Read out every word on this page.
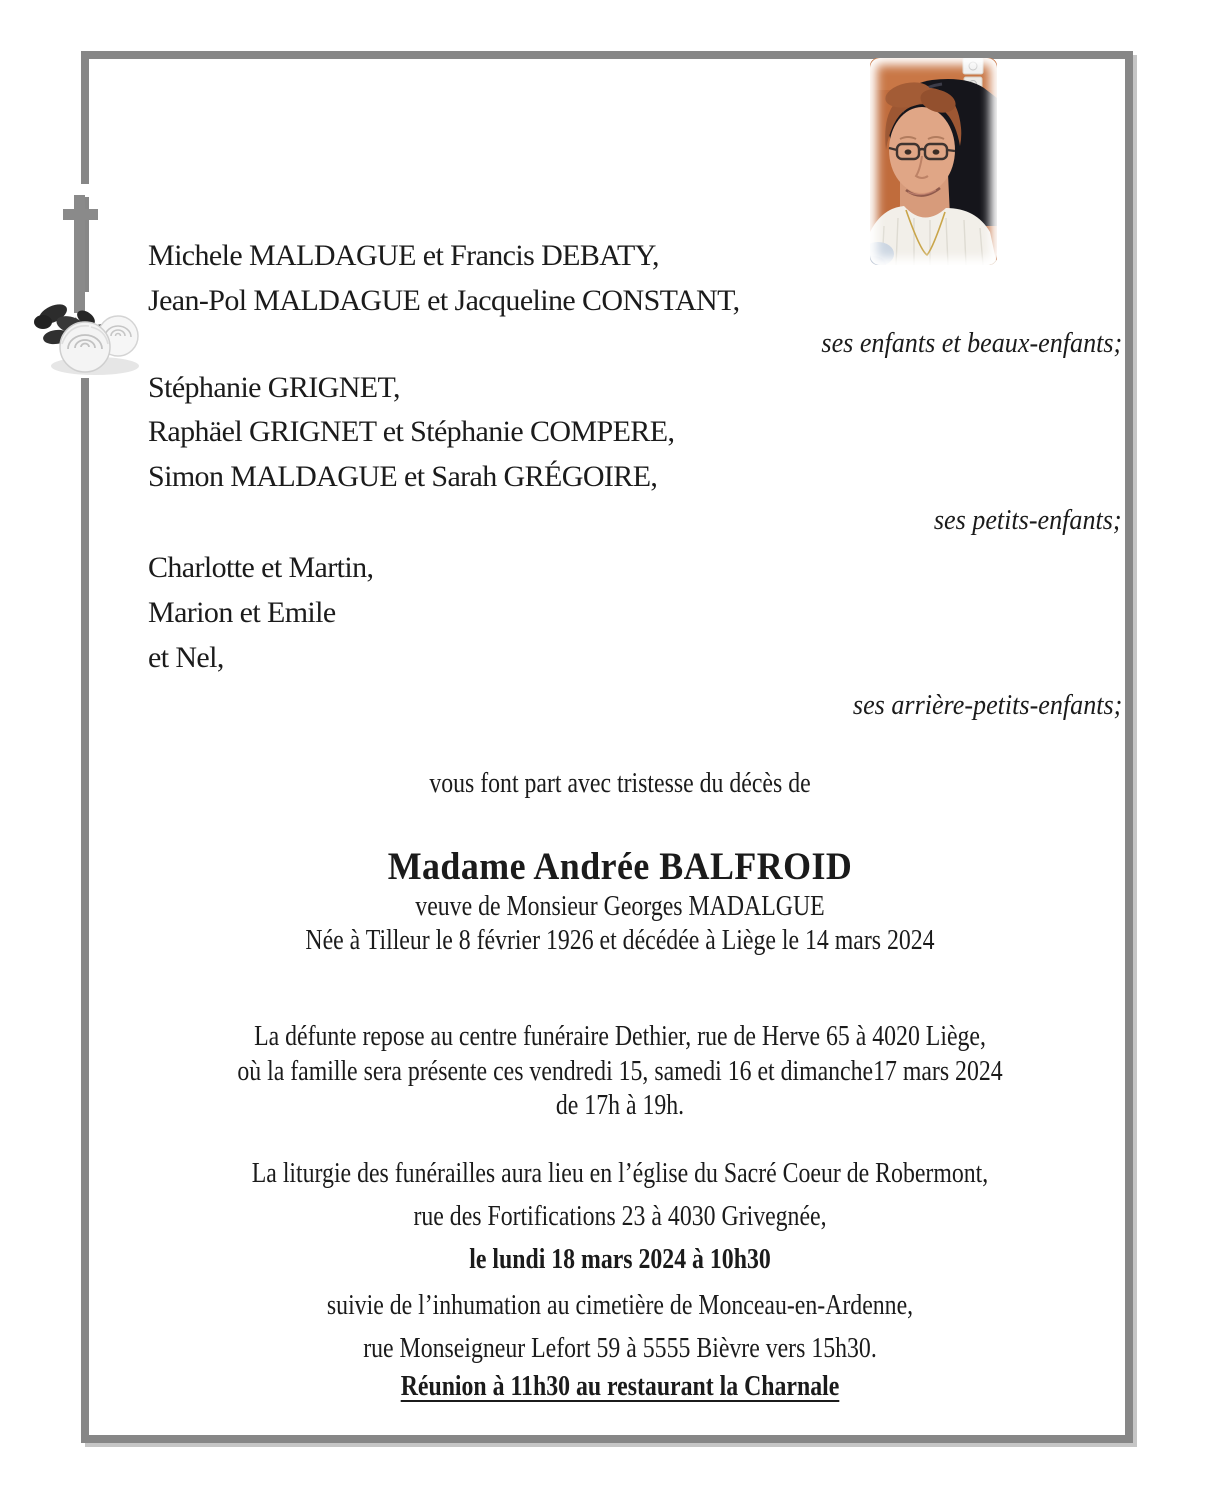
Michele MALDAGUE et Francis DEBATY,
Jean-Pol MALDAGUE et Jacqueline CONSTANT,
ses enfants et beaux-enfants;
Stéphanie GRIGNET,
Raphäel GRIGNET et Stéphanie COMPERE,
Simon MALDAGUE et Sarah GRÉGOIRE,
ses petits-enfants;
Charlotte et Martin,
Marion et Emile
et Nel,
ses arrière-petits-enfants;
vous font part avec tristesse du décès de
Madame Andrée BALFROID
veuve de Monsieur Georges MADALGUE
Née à Tilleur le 8 février 1926 et décédée à Liège le 14 mars 2024
La défunte repose au centre funéraire Dethier, rue de Herve 65 à 4020 Liège,
où la famille sera présente ces vendredi 15, samedi 16 et dimanche17 mars 2024
de 17h à 19h.
La liturgie des funérailles aura lieu en l’église du Sacré Coeur de Robermont,
rue des Fortifications 23 à 4030 Grivegnée,
le lundi 18 mars 2024 à 10h30
suivie de l’inhumation au cimetière de Monceau-en-Ardenne,
rue Monseigneur Lefort 59 à 5555 Bièvre vers 15h30.
Réunion à 11h30 au restaurant la Charnale
